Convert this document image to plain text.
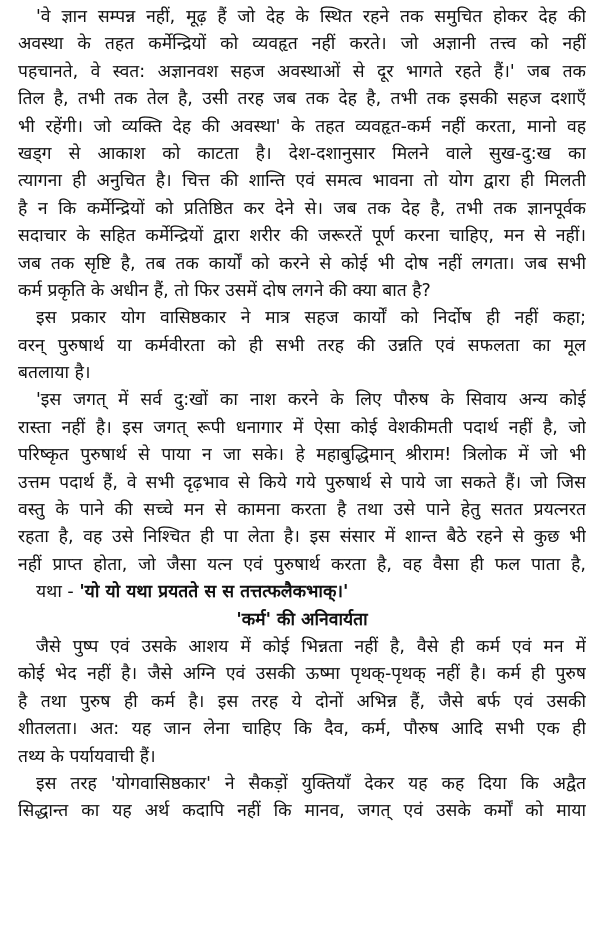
'वे ज्ञान सम्पन्न नहीं, मूढ़ हैं जो देह के स्थित रहने तक समुचित होकर देह की
अवस्था के तहत कर्मेन्द्रियों को व्यवहृत नहीं करते। जो अज्ञानी तत्त्व को नहीं
पहचानते, वे स्वत: अज्ञानवश सहज अवस्थाओं से दूर भागते रहते हैं।' जब तक
तिल है, तभी तक तेल है, उसी तरह जब तक देह है, तभी तक इसकी सहज दशाएँ
भी रहेंगी। जो व्यक्ति देह की अवस्था' के तहत व्यवहृत-कर्म नहीं करता, मानो वह
खड्ग से आकाश को काटता है। देश-दशानुसार मिलने वाले सुख-दु:ख का
त्यागना ही अनुचित है। चित्त की शान्ति एवं समत्व भावना तो योग द्वारा ही मिलती
है न कि कर्मेन्द्रियों को प्रतिष्ठित कर देने से। जब तक देह है, तभी तक ज्ञानपूर्वक
सदाचार के सहित कर्मेन्द्रियों द्वारा शरीर की जरूरतें पूर्ण करना चाहिए, मन से नहीं।
जब तक सृष्टि है, तब तक कार्यों को करने से कोई भी दोष नहीं लगता। जब सभी
कर्म प्रकृति के अधीन हैं, तो फिर उसमें दोष लगने की क्या बात है?
इस प्रकार योग वासिष्ठकार ने मात्र सहज कार्यों को निर्दोष ही नहीं कहा;
वरन् पुरुषार्थ या कर्मवीरता को ही सभी तरह की उन्नति एवं सफलता का मूल
बतलाया है।
'इस जगत् में सर्व दु:खों का नाश करने के लिए पौरुष के सिवाय अन्य कोई
रास्ता नहीं है। इस जगत् रूपी धनागार में ऐसा कोई वेशकीमती पदार्थ नहीं है, जो
परिष्कृत पुरुषार्थ से पाया न जा सके। हे महाबुद्धिमान् श्रीराम! त्रिलोक में जो भी
उत्तम पदार्थ हैं, वे सभी दृढ़भाव से किये गये पुरुषार्थ से पाये जा सकते हैं। जो जिस
वस्तु के पाने की सच्चे मन से कामना करता है तथा उसे पाने हेतु सतत प्रयत्नरत
रहता है, वह उसे निश्चित ही पा लेता है। इस संसार में शान्त बैठे रहने से कुछ भी
नहीं प्राप्त होता, जो जैसा यत्न एवं पुरुषार्थ करता है, वह वैसा ही फल पाता है,
यथा - 'यो यो यथा प्रयतते स स तत्तत्फलैकभाक्।'
'कर्म' की अनिवार्यता
जैसे पुष्प एवं उसके आशय में कोई भिन्नता नहीं है, वैसे ही कर्म एवं मन में
कोई भेद नहीं है। जैसे अग्नि एवं उसकी ऊष्मा पृथक्-पृथक् नहीं है। कर्म ही पुरुष
है तथा पुरुष ही कर्म है। इस तरह ये दोनों अभिन्न हैं, जैसे बर्फ एवं उसकी
शीतलता। अत: यह जान लेना चाहिए कि दैव, कर्म, पौरुष आदि सभी एक ही
तथ्य के पर्यायवाची हैं।
इस तरह 'योगवासिष्ठकार' ने सैकड़ों युक्तियाँ देकर यह कह दिया कि अद्वैत
सिद्धान्त का यह अर्थ कदापि नहीं कि मानव, जगत् एवं उसके कर्मों को माया
